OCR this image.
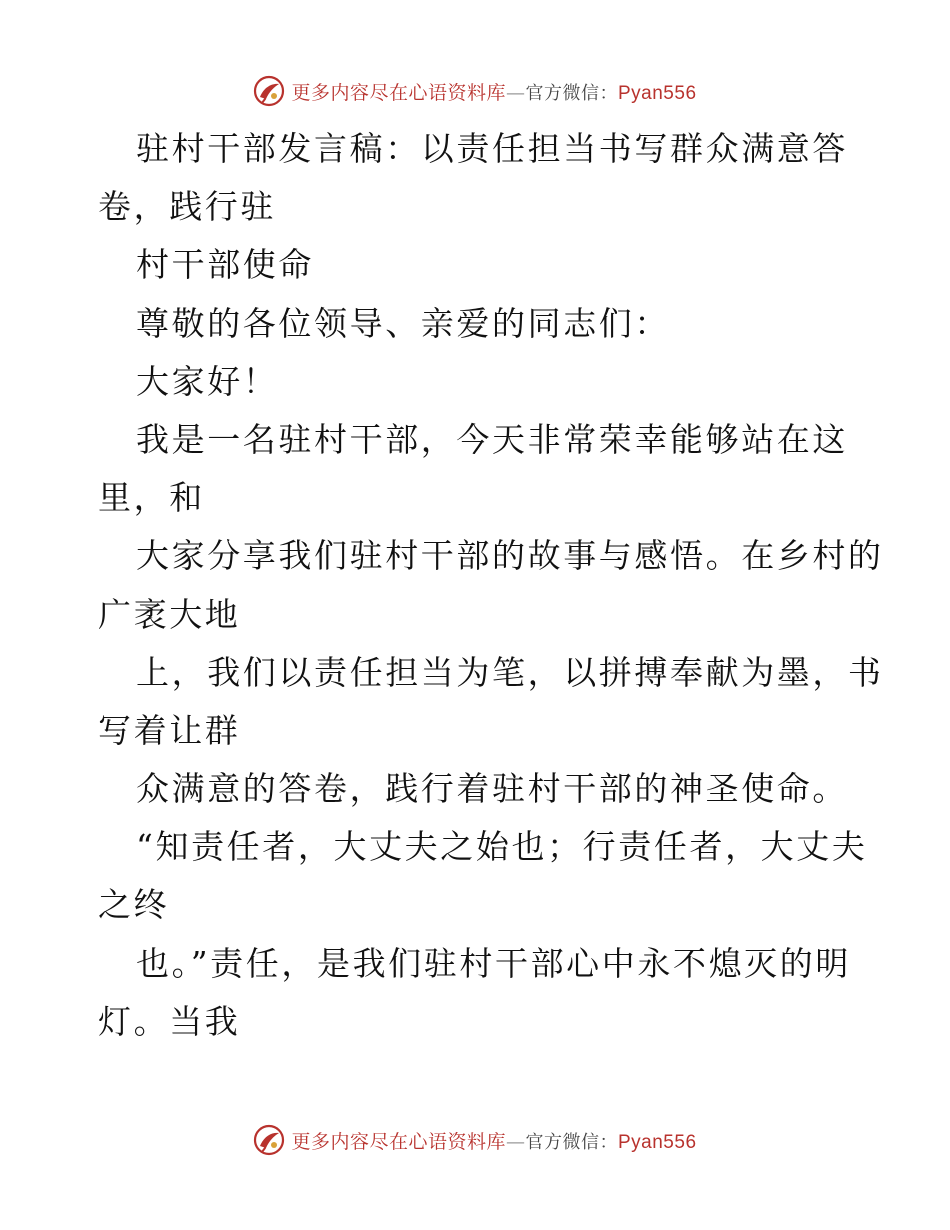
更多内容尽在心语资料库—官方微信：Pyan556
驻村干部发言稿：以责任担当书写群众满意答
卷，践行驻
村干部使命
尊敬的各位领导、亲爱的同志们：
大家好！
我是一名驻村干部，今天非常荣幸能够站在这
里，和
大家分享我们驻村干部的故事与感悟。在乡村的
广袤大地
上，我们以责任担当为笔，以拼搏奉献为墨，书
写着让群
众满意的答卷，践行着驻村干部的神圣使命。
“知责任者，大丈夫之始也；行责任者，大丈夫
之终
也。”责任，是我们驻村干部心中永不熄灭的明
灯。当我
更多内容尽在心语资料库—官方微信：Pyan556
